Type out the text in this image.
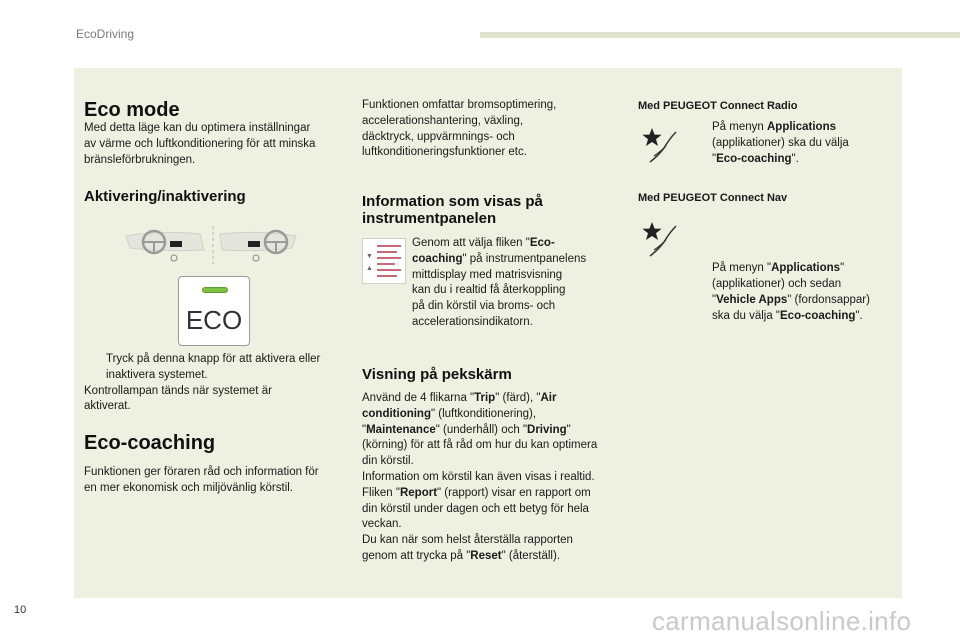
EcoDriving
Eco mode
Med detta läge kan du optimera inställningar
av värme och luftkonditionering för att minska
bränsleförbrukningen.
Aktivering/inaktivering
ECO
Tryck på denna knapp för att aktivera eller
inaktivera systemet.
Kontrollampan tänds när systemet är
aktiverat.
Eco-coaching
Funktionen ger föraren råd och information för
en mer ekonomisk och miljövänlig körstil.
Funktionen omfattar bromsoptimering,
accelerationshantering, växling,
däcktryck, uppvärmnings- och
luftkonditioneringsfunktioner etc.
Information som visas på
instrumentpanelen
▼
▲
Genom att välja fliken "Eco-
coaching" på instrumentpanelens
mittdisplay med matrisvisning
kan du i realtid få återkoppling
på din körstil via broms- och
accelerationsindikatorn.
Visning på pekskärm
Använd de 4 flikarna "Trip" (färd), "Air
conditioning" (luftkonditionering),
"Maintenance" (underhåll) och "Driving"
(körning) för att få råd om hur du kan optimera
din körstil.
Information om körstil kan även visas i realtid.
Fliken "Report" (rapport) visar en rapport om
din körstil under dagen och ett betyg för hela
veckan.
Du kan när som helst återställa rapporten
genom att trycka på "Reset" (återställ).
Med PEUGEOT Connect Radio
På menyn Applications
(applikationer) ska du välja
"Eco-coaching".
Med PEUGEOT Connect Nav
På menyn "Applications"
(applikationer) och sedan
"Vehicle Apps" (fordonsappar)
ska du välja "Eco-coaching".
10	carmanualsonline.info
